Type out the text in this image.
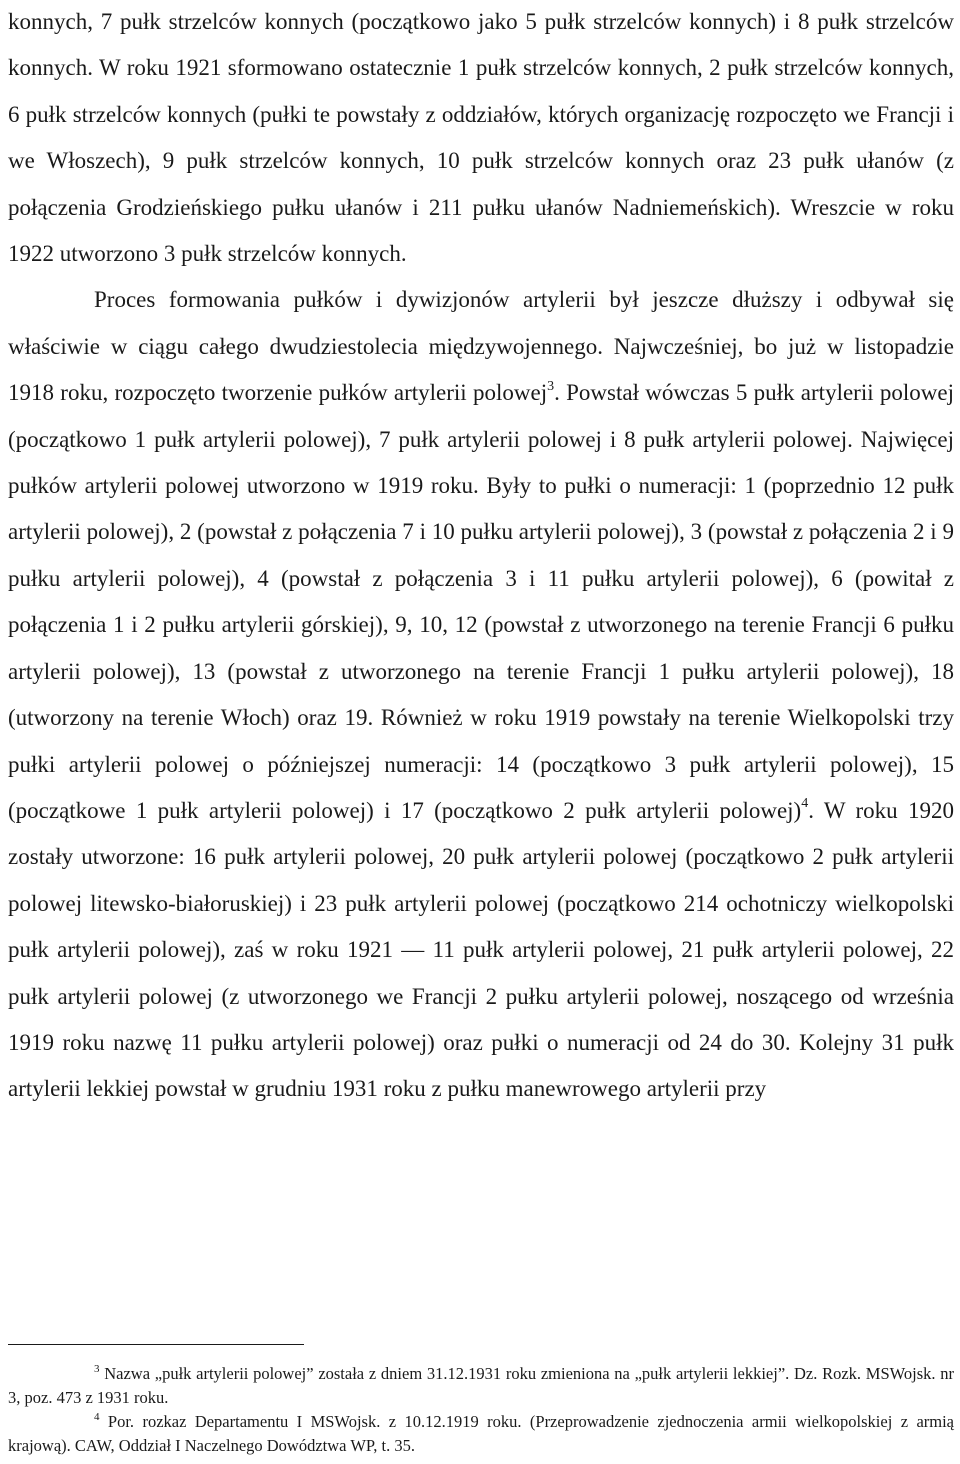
konnych, 7 pułk strzelców konnych (początkowo jako 5 pułk strzelców konnych) i 8 pułk strzelców konnych. W roku 1921 sformowano ostatecznie 1 pułk strzelców konnych, 2 pułk strzelców konnych, 6 pułk strzelców konnych (pułki te powstały z oddziałów, których organizację rozpoczęto we Francji i we Włoszech), 9 pułk strzelców konnych, 10 pułk strzelców konnych oraz 23 pułk ułanów (z połączenia Grodzieńskiego pułku ułanów i 211 pułku ułanów Nadniemeńskich). Wreszcie w roku 1922 utworzono 3 pułk strzelców konnych.

Proces formowania pułków i dywizjonów artylerii był jeszcze dłuższy i odbywał się właściwie w ciągu całego dwudziestolecia międzywojennego. Najwcześniej, bo już w listopadzie 1918 roku, rozpoczęto tworzenie pułków artylerii polowej$^3$. Powstał wówczas 5 pułk artylerii polowej (początkowo 1 pułk artylerii polowej), 7 pułk artylerii polowej i 8 pułk artylerii polowej. Najwięcej pułków artylerii polowej utworzono w 1919 roku. Były to pułki o numeracji: 1 (poprzednio 12 pułk artylerii polowej), 2 (powstał z połączenia 7 i 10 pułku artylerii polowej), 3 (powstał z połączenia 2 i 9 pułku artylerii polowej), 4 (powstał z połączenia 3 i 11 pułku artylerii polowej), 6 (powitał z połączenia 1 i 2 pułku artylerii górskiej), 9, 10, 12 (powstał z utworzonego na terenie Francji 6 pułku artylerii polowej), 13 (powstał z utworzonego na terenie Francji 1 pułku artylerii polowej), 18 (utworzony na terenie Włoch) oraz 19. Również w roku 1919 powstały na terenie Wielkopolski trzy pułki artylerii polowej o późniejszej numeracji: 14 (początkowo 3 pułk artylerii polowej), 15 (początkowe 1 pułk artylerii polowej) i 17 (początkowo 2 pułk artylerii polowej)$^4$. W roku 1920 zostały utworzone: 16 pułk artylerii polowej, 20 pułk artylerii polowej (początkowo 2 pułk artylerii polowej litewsko-białoruskiej) i 23 pułk artylerii polowej (początkowo 214 ochotniczy wielkopolski pułk artylerii polowej), zaś w roku 1921 — 11 pułk artylerii polowej, 21 pułk artylerii polowej, 22 pułk artylerii polowej (z utworzonego we Francji 2 pułku artylerii polowej, noszącego od września 1919 roku nazwę 11 pułku artylerii polowej) oraz pułki o numeracji od 24 do 30. Kolejny 31 pułk artylerii lekkiej powstał w grudniu 1931 roku z pułku manewrowego artylerii przy

$^3$ Nazwa „pułk artylerii polowej” została z dniem 31.12.1931 roku zmieniona na „pułk artylerii lekkiej”. Dz. Rozk. MSWojsk. nr 3, poz. 473 z 1931 roku.

$^4$ Por. rozkaz Departamentu I MSWojsk. z 10.12.1919 roku. (Przeprowadzenie zjednoczenia armii wielkopolskiej z armią krajową). CAW, Oddział I Naczelnego Dowództwa WP, t. 35.
